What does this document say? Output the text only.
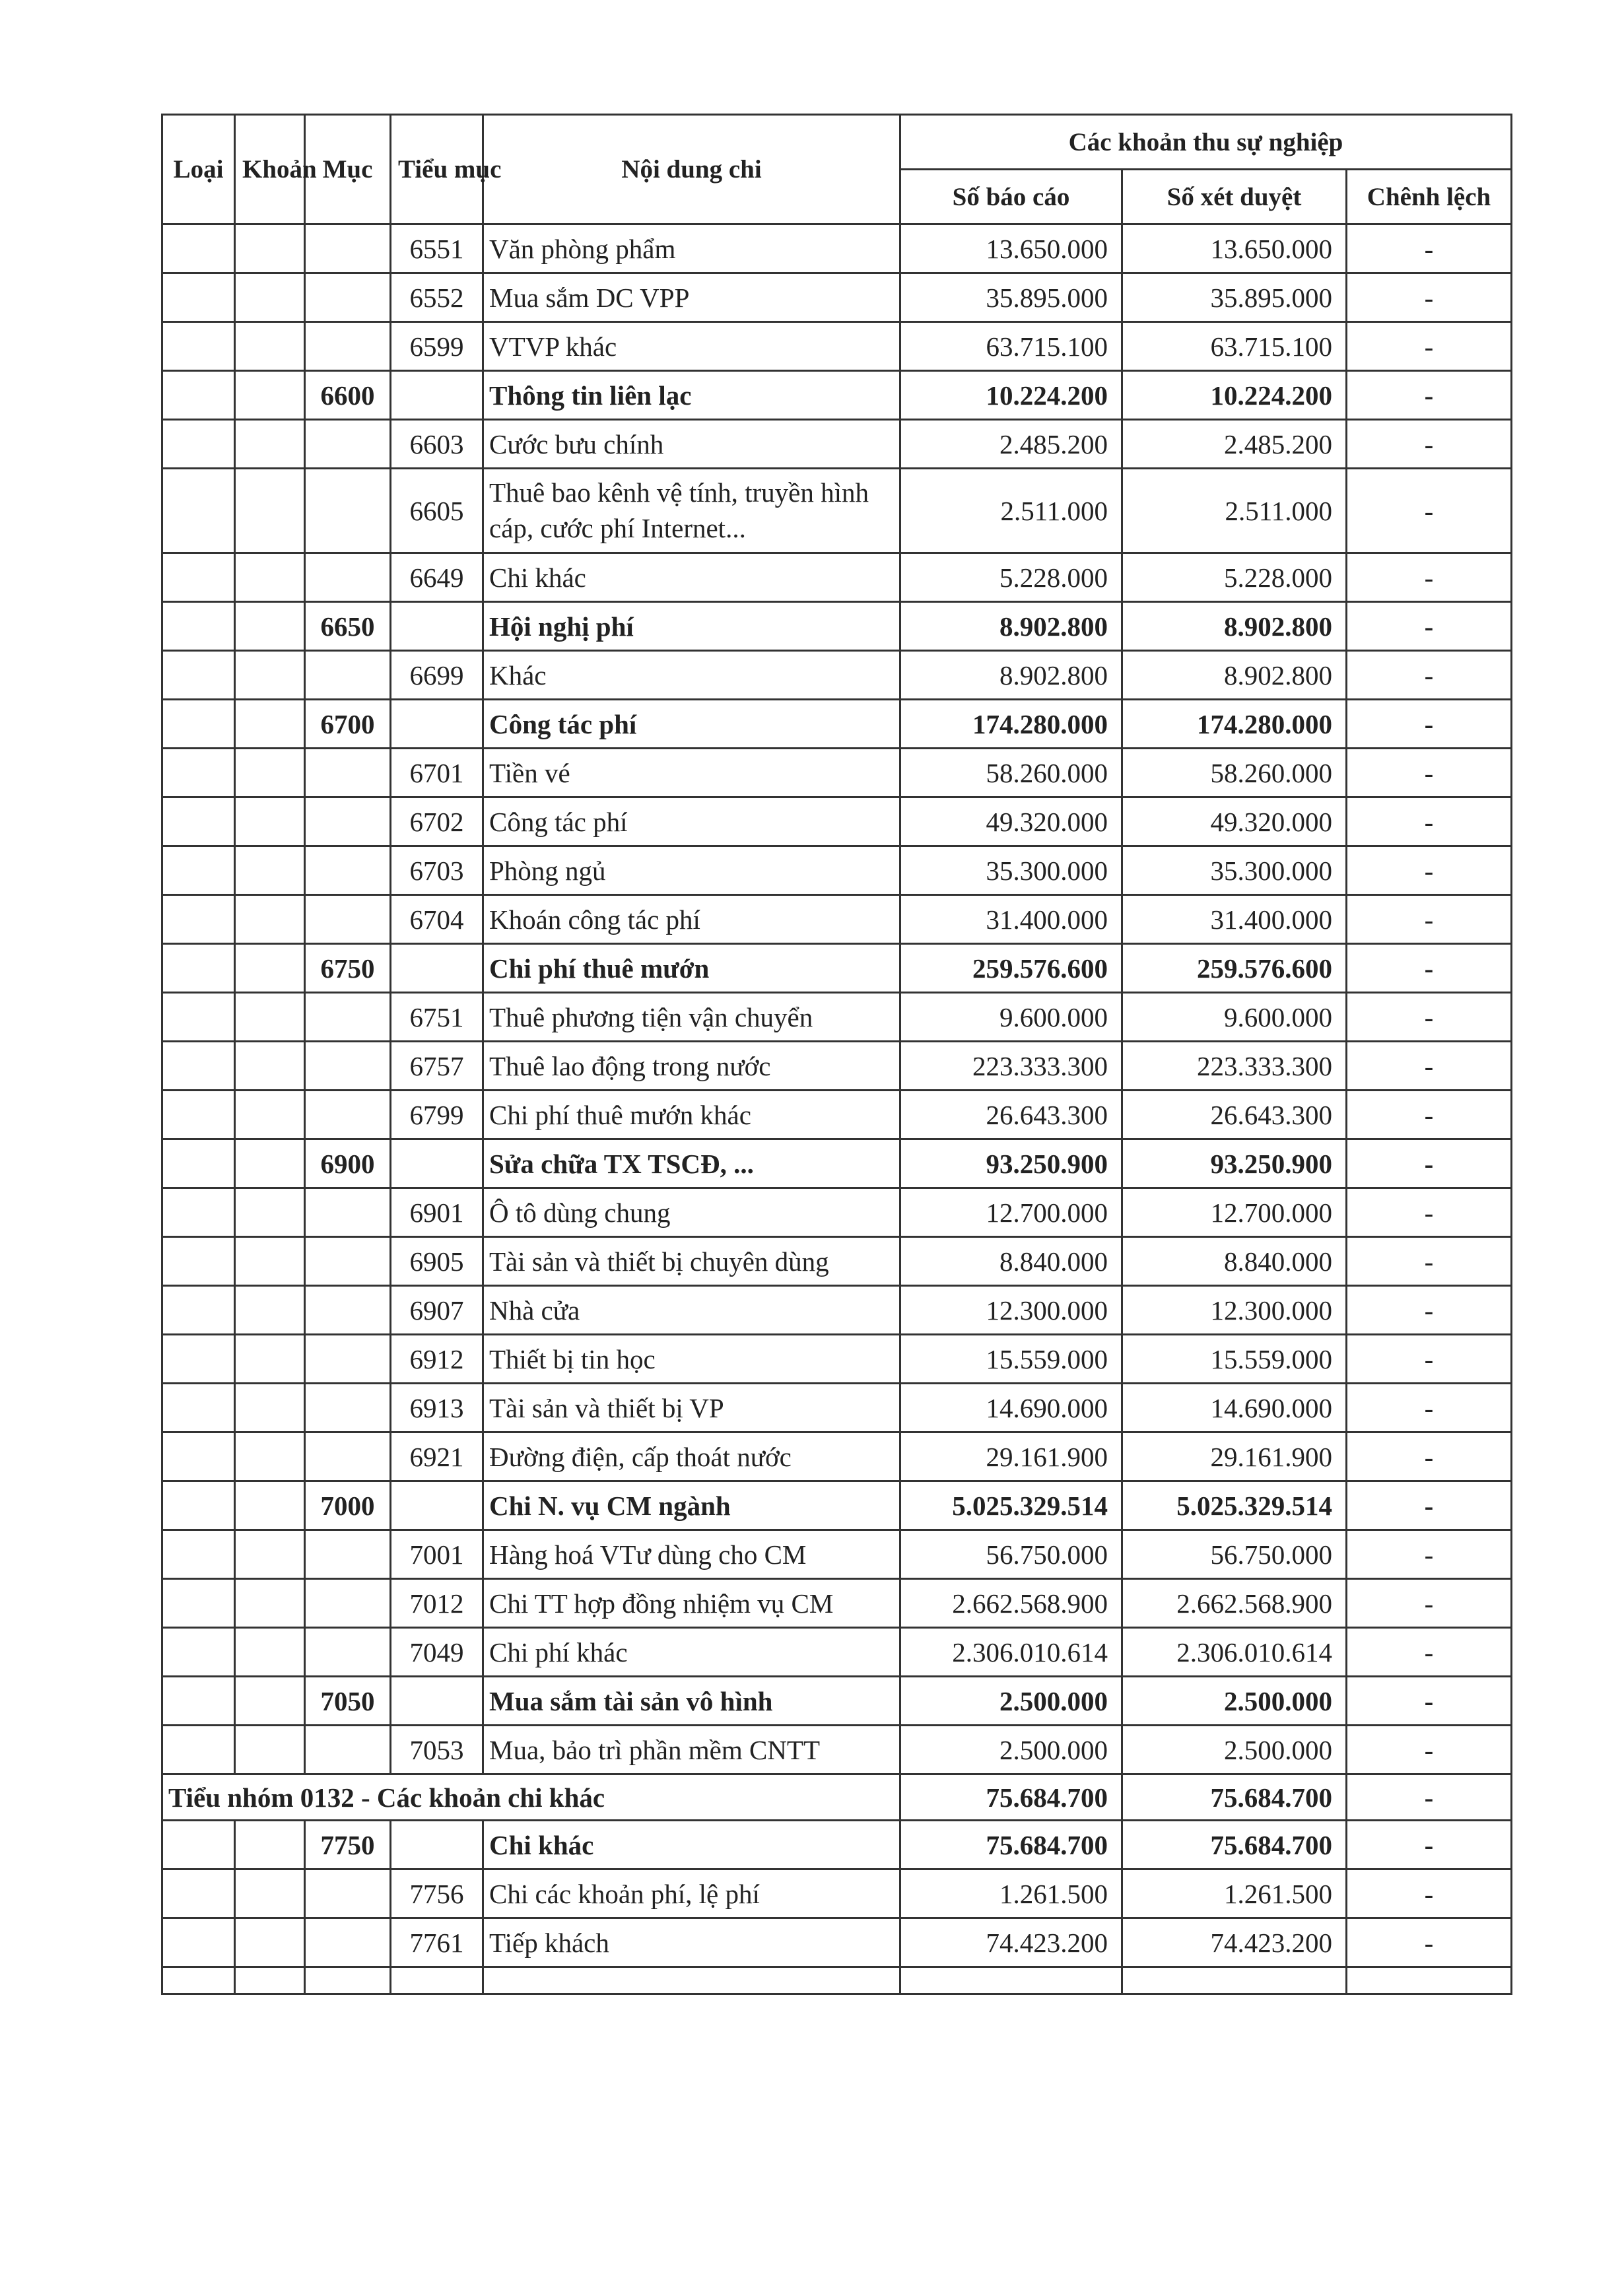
Loại	Khoản	Mục	Tiểu mục	Nội dung chi	Các khoản thu sự nghiệp		
					Số báo cáo	Số xét duyệt	Chênh lệch
			6551	Văn phòng phẩm	13.650.000	13.650.000	-
			6552	Mua sắm DC VPP	35.895.000	35.895.000	-
			6599	VTVP khác	63.715.100	63.715.100	-
		6600		Thông tin liên lạc	10.224.200	10.224.200	-
			6603	Cước bưu chính	2.485.200	2.485.200	-
			6605	Thuê bao kênh vệ tính, truyền hình cáp, cước phí Internet...	2.511.000	2.511.000	-
			6649	Chi khác	5.228.000	5.228.000	-
		6650		Hội nghị phí	8.902.800	8.902.800	-
			6699	Khác	8.902.800	8.902.800	-
		6700		Công tác phí	174.280.000	174.280.000	-
			6701	Tiền vé	58.260.000	58.260.000	-
			6702	Công tác phí	49.320.000	49.320.000	-
			6703	Phòng ngủ	35.300.000	35.300.000	-
			6704	Khoán công tác phí	31.400.000	31.400.000	-
		6750		Chi phí thuê mướn	259.576.600	259.576.600	-
			6751	Thuê phương tiện vận chuyển	9.600.000	9.600.000	-
			6757	Thuê lao động trong nước	223.333.300	223.333.300	-
			6799	Chi phí thuê mướn khác	26.643.300	26.643.300	-
		6900		Sửa chữa TX TSCĐ, ...	93.250.900	93.250.900	-
			6901	Ô tô dùng chung	12.700.000	12.700.000	-
			6905	Tài sản và thiết bị chuyên dùng	8.840.000	8.840.000	-
			6907	Nhà cửa	12.300.000	12.300.000	-
			6912	Thiết bị tin học	15.559.000	15.559.000	-
			6913	Tài sản và thiết bị VP	14.690.000	14.690.000	-
			6921	Đường điện, cấp thoát nước	29.161.900	29.161.900	-
		7000		Chi N. vụ CM ngành	5.025.329.514	5.025.329.514	-
			7001	Hàng hoá VTư dùng cho CM	56.750.000	56.750.000	-
			7012	Chi TT hợp đồng nhiệm vụ CM	2.662.568.900	2.662.568.900	-
			7049	Chi phí khác	2.306.010.614	2.306.010.614	-
		7050		Mua sắm tài sản vô hình	2.500.000	2.500.000	-
			7053	Mua, bảo trì phần mềm CNTT	2.500.000	2.500.000	-
Tiểu nhóm 0132 - Các khoản chi khác					75.684.700	75.684.700	-
		7750		Chi khác	75.684.700	75.684.700	-
			7756	Chi các khoản phí, lệ phí	1.261.500	1.261.500	-
			7761	Tiếp khách	74.423.200	74.423.200	-
